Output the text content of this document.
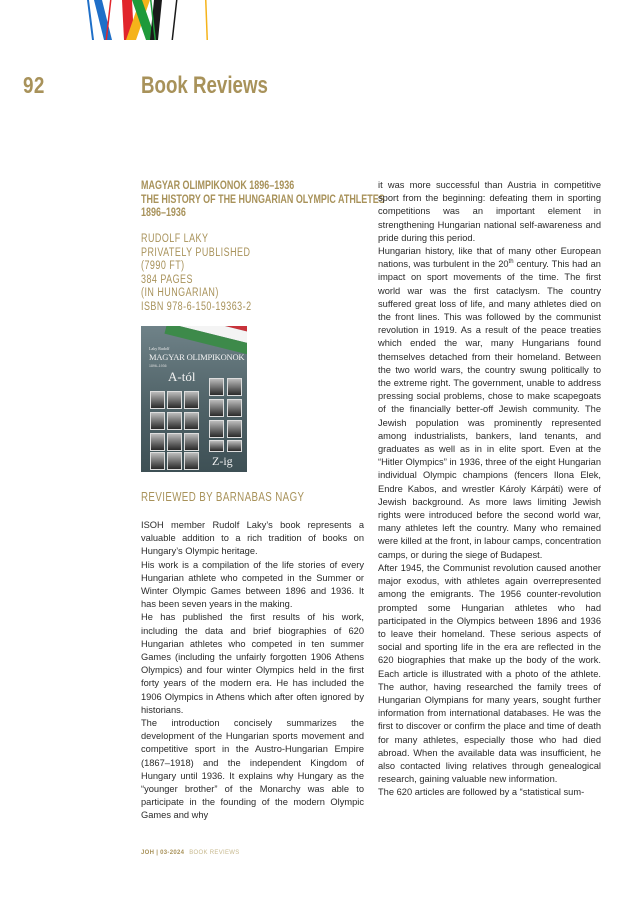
92	Book Reviews
MAGYAR OLIMPIKONOK 1896–1936
THE HISTORY OF THE HUNGARIAN OLYMPIC ATHLETES
1896–1936
RUDOLF LAKY
PRIVATELY PUBLISHED
(7990 FT)
384 PAGES
(IN HUNGARIAN)
ISBN 978-6-150-19363-2
Laky Rudolf
MAGYAR OLIMPIKONOK
1896–1936
A-tól
Z-ig
REVIEWED BY BARNABAS NAGY

ISOH member Rudolf Laky’s book represents a valuable addition to a rich tradition of books on Hungary’s Olympic heritage.

His work is a compilation of the life stories of every Hungarian athlete who competed in the Summer or Winter Olympic Games between 1896 and 1936. It has been seven years in the making.

He has published the first results of his work, including the data and brief biographies of 620 Hungarian athletes who competed in ten summer Games (including the unfairly forgotten 1906 Athens Olympics) and four winter Olympics held in the first forty years of the modern era. He has included the 1906 Olympics in Athens which after often ignored by historians.

The introduction concisely summarizes the development of the Hungarian sports movement and competitive sport in the Austro-Hungarian Empire (1867–1918) and the independent Kingdom of Hungary until 1936. It explains why Hungary as the “younger brother” of the Monarchy was able to participate in the founding of the modern Olympic Games and why

it was more successful than Austria in competitive sport from the beginning: defeating them in sporting competitions was an important element in strengthening Hungarian national self-awareness and pride during this period.

Hungarian history, like that of many other European nations, was turbulent in the 20th century. This had an impact on sport movements of the time. The first world war was the first cataclysm. The country suffered great loss of life, and many athletes died on the front lines. This was followed by the communist revolution in 1919. As a result of the peace treaties which ended the war, many Hungarians found themselves detached from their homeland. Between the two world wars, the country swung politically to the extreme right. The government, unable to address pressing social problems, chose to make scapegoats of the financially better-off Jewish community. The Jewish population was prominently represented among industrialists, bankers, land tenants, and graduates as well as in in elite sport. Even at the “Hitler Olympics” in 1936, three of the eight Hungarian individual Olympic champions (fencers Ilona Elek, Endre Kabos, and wrestler Károly Kárpáti) were of Jewish background. As more laws limiting Jewish rights were introduced before the second world war, many athletes left the country. Many who remained were killed at the front, in labour camps, concentration camps, or during the siege of Budapest.

After 1945, the Communist revolution caused another major exodus, with athletes again overrepresented among the emigrants. The 1956 counter-revolution prompted some Hungarian athletes who had participated in the Olympics between 1896 and 1936 to leave their homeland. These serious aspects of social and sporting life in the era are reflected in the 620 biographies that make up the body of the work. Each article is illustrated with a photo of the athlete. The author, having researched the family trees of Hungarian Olympians for many years, sought further information from international databases. He was the first to discover or confirm the place and time of death for many athletes, especially those who had died abroad. When the available data was insufficient, he also contacted living relatives through genealogical research, gaining valuable new information.

The 620 articles are followed by a “statistical sum-

JOH | 03-2024 BOOK REVIEWS
